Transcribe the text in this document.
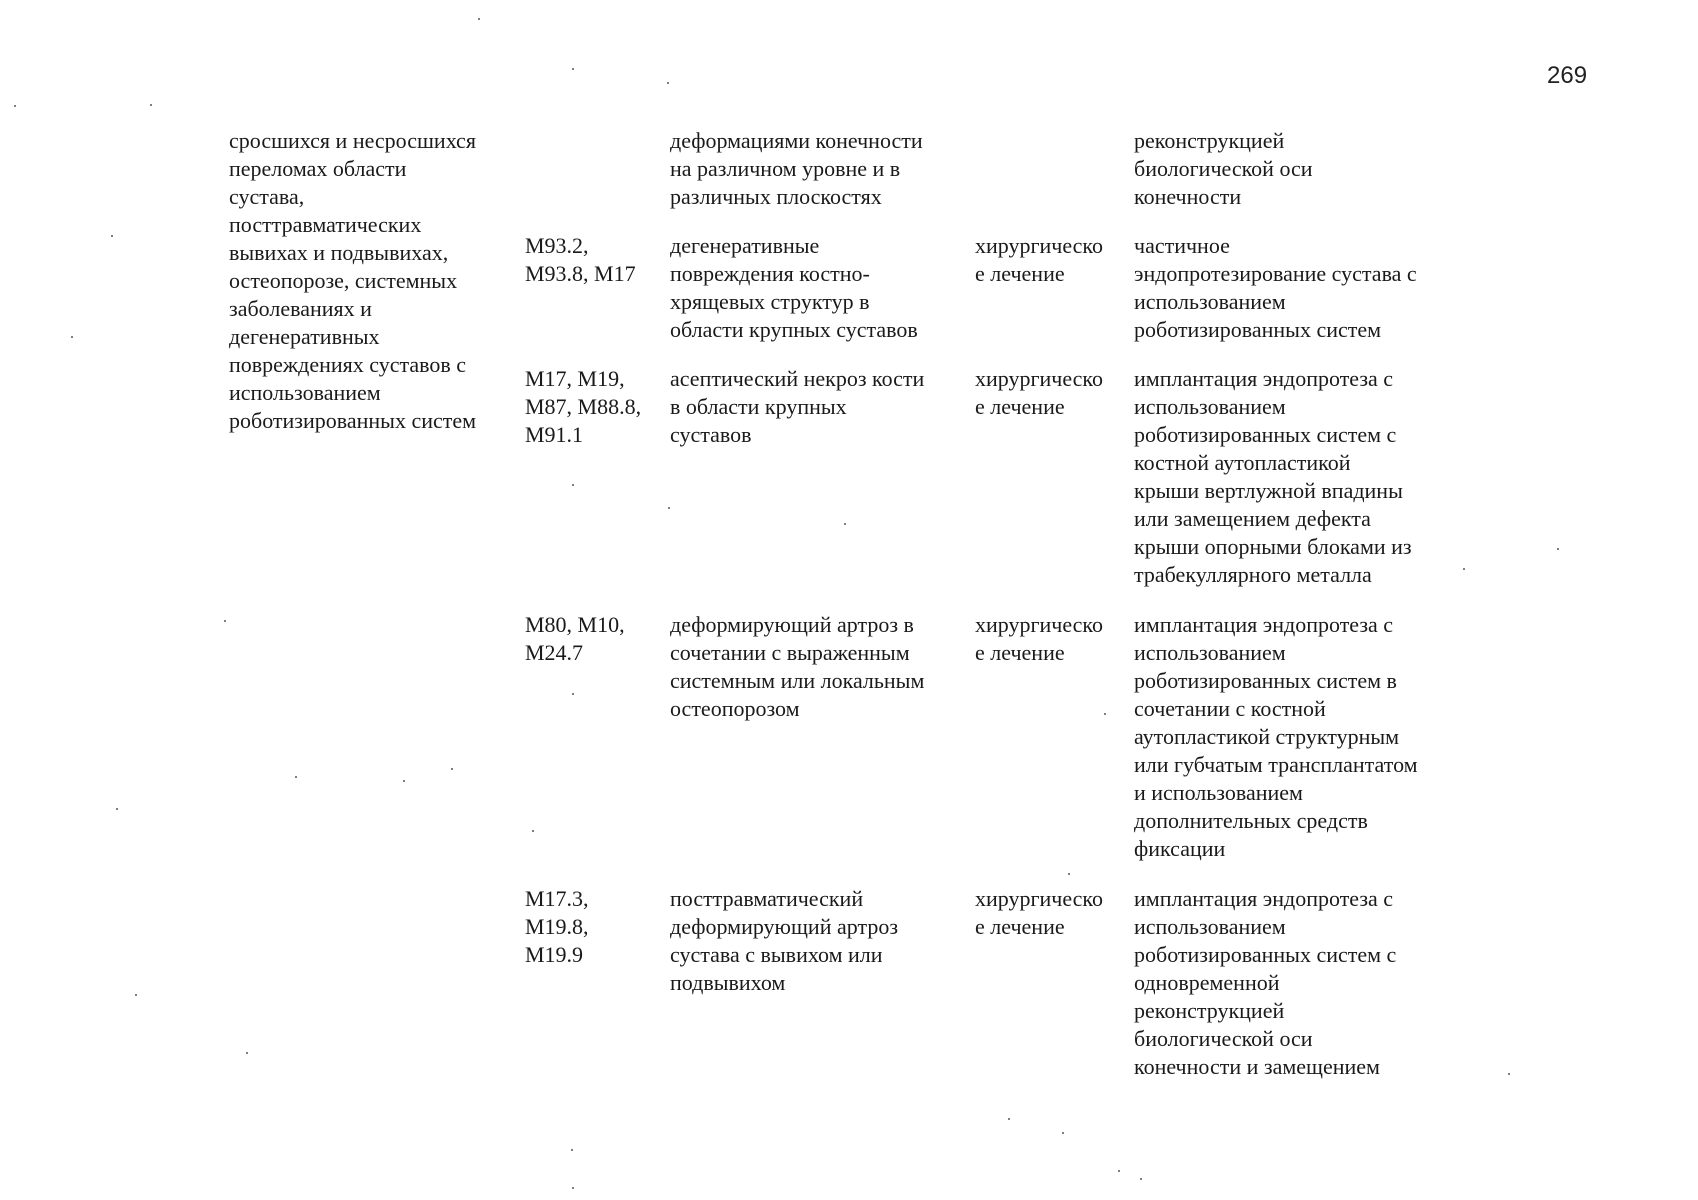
269
сросшихся и несросшихся
переломах области
сустава,
посттравматических
вывихах и подвывихах,
остеопорозе, системных
заболеваниях и
дегенеративных
повреждениях суставов с
использованием
роботизированных систем
деформациями конечности
на различном уровне и в
различных плоскостях
реконструкцией
биологической оси
конечности
M93.2,
M93.8, M17
дегенеративные
повреждения костно-
хрящевых структур в
области крупных суставов
хирургическо
е лечение
частичное
эндопротезирование сустава с
использованием
роботизированных систем
M17, M19,
M87, M88.8,
M91.1
асептический некроз кости
в области крупных
суставов
хирургическо
е лечение
имплантация эндопротеза с
использованием
роботизированных систем с
костной аутопластикой
крыши вертлужной впадины
или замещением дефекта
крыши опорными блоками из
трабекуллярного металла
M80, M10,
M24.7
деформирующий артроз в
сочетании с выраженным
системным или локальным
остеопорозом
хирургическо
е лечение
имплантация эндопротеза с
использованием
роботизированных систем в
сочетании с костной
аутопластикой структурным
или губчатым трансплантатом
и использованием
дополнительных средств
фиксации
M17.3,
M19.8,
M19.9
посттравматический
деформирующий артроз
сустава с вывихом или
подвывихом
хирургическо
е лечение
имплантация эндопротеза с
использованием
роботизированных систем с
одновременной
реконструкцией
биологической оси
конечности и замещением
